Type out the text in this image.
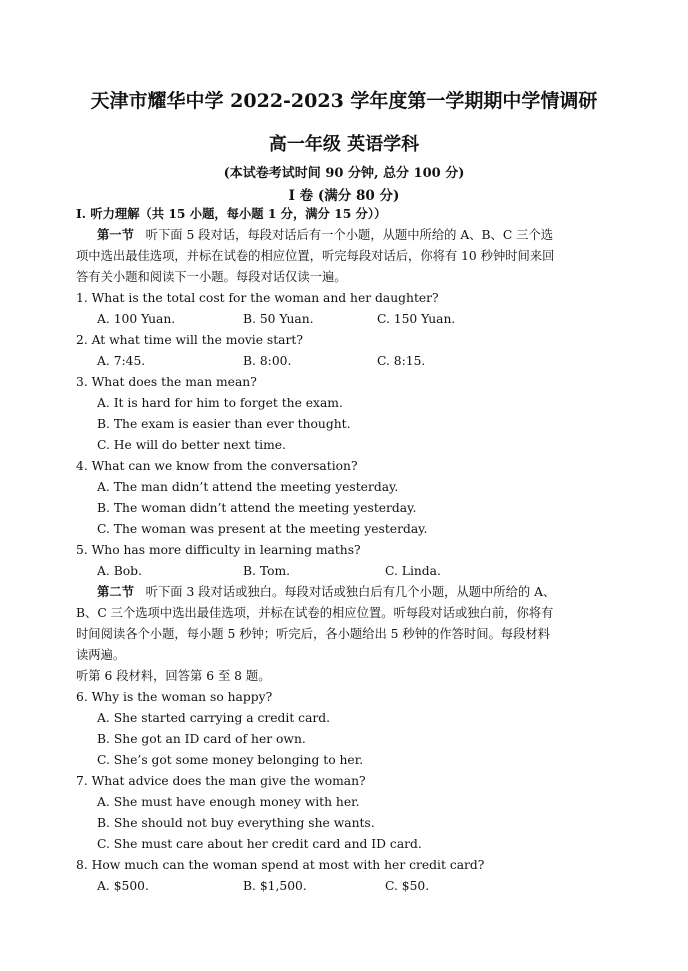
天津市耀华中学 2022-2023 学年度第一学期期中学情调研
高一年级 英语学科
(本试卷考试时间 90 分钟, 总分 100 分)
I 卷 (满分 80 分)
I. 听力理解（共 15 小题，每小题 1 分，满分 15 分））
第一节 听下面 5 段对话，每段对话后有一个小题，从题中所给的 A、B、C 三个选
项中选出最佳选项，并标在试卷的相应位置，听完每段对话后，你将有 10 秒钟时间来回
答有关小题和阅读下一小题。每段对话仅读一遍。
1. What is the total cost for the woman and her daughter?
A. 100 Yuan.	B. 50 Yuan.	C. 150 Yuan.
2. At what time will the movie start?
A. 7:45.	B. 8:00.	C. 8:15.
3. What does the man mean?
A. It is hard for him to forget the exam.
B. The exam is easier than ever thought.
C. He will do better next time.
4. What can we know from the conversation?
A. The man didn’t attend the meeting yesterday.
B. The woman didn’t attend the meeting yesterday.
C. The woman was present at the meeting yesterday.
5. Who has more difficulty in learning maths?
A. Bob.	B. Tom.	C. Linda.
第二节 听下面 3 段对话或独白。每段对话或独白后有几个小题，从题中所给的 A、
B、C 三个选项中选出最佳选项，并标在试卷的相应位置。听每段对话或独白前，你将有
时间阅读各个小题，每小题 5 秒钟；听完后，各小题给出 5 秒钟的作答时间。每段材料
读两遍。
听第 6 段材料，回答第 6 至 8 题。
6. Why is the woman so happy?
A. She started carrying a credit card.
B. She got an ID card of her own.
C. She’s got some money belonging to her.
7. What advice does the man give the woman?
A. She must have enough money with her.
B. She should not buy everything she wants.
C. She must care about her credit card and ID card.
8. How much can the woman spend at most with her credit card?
A. $500.	B. $1,500.	C. $50.
